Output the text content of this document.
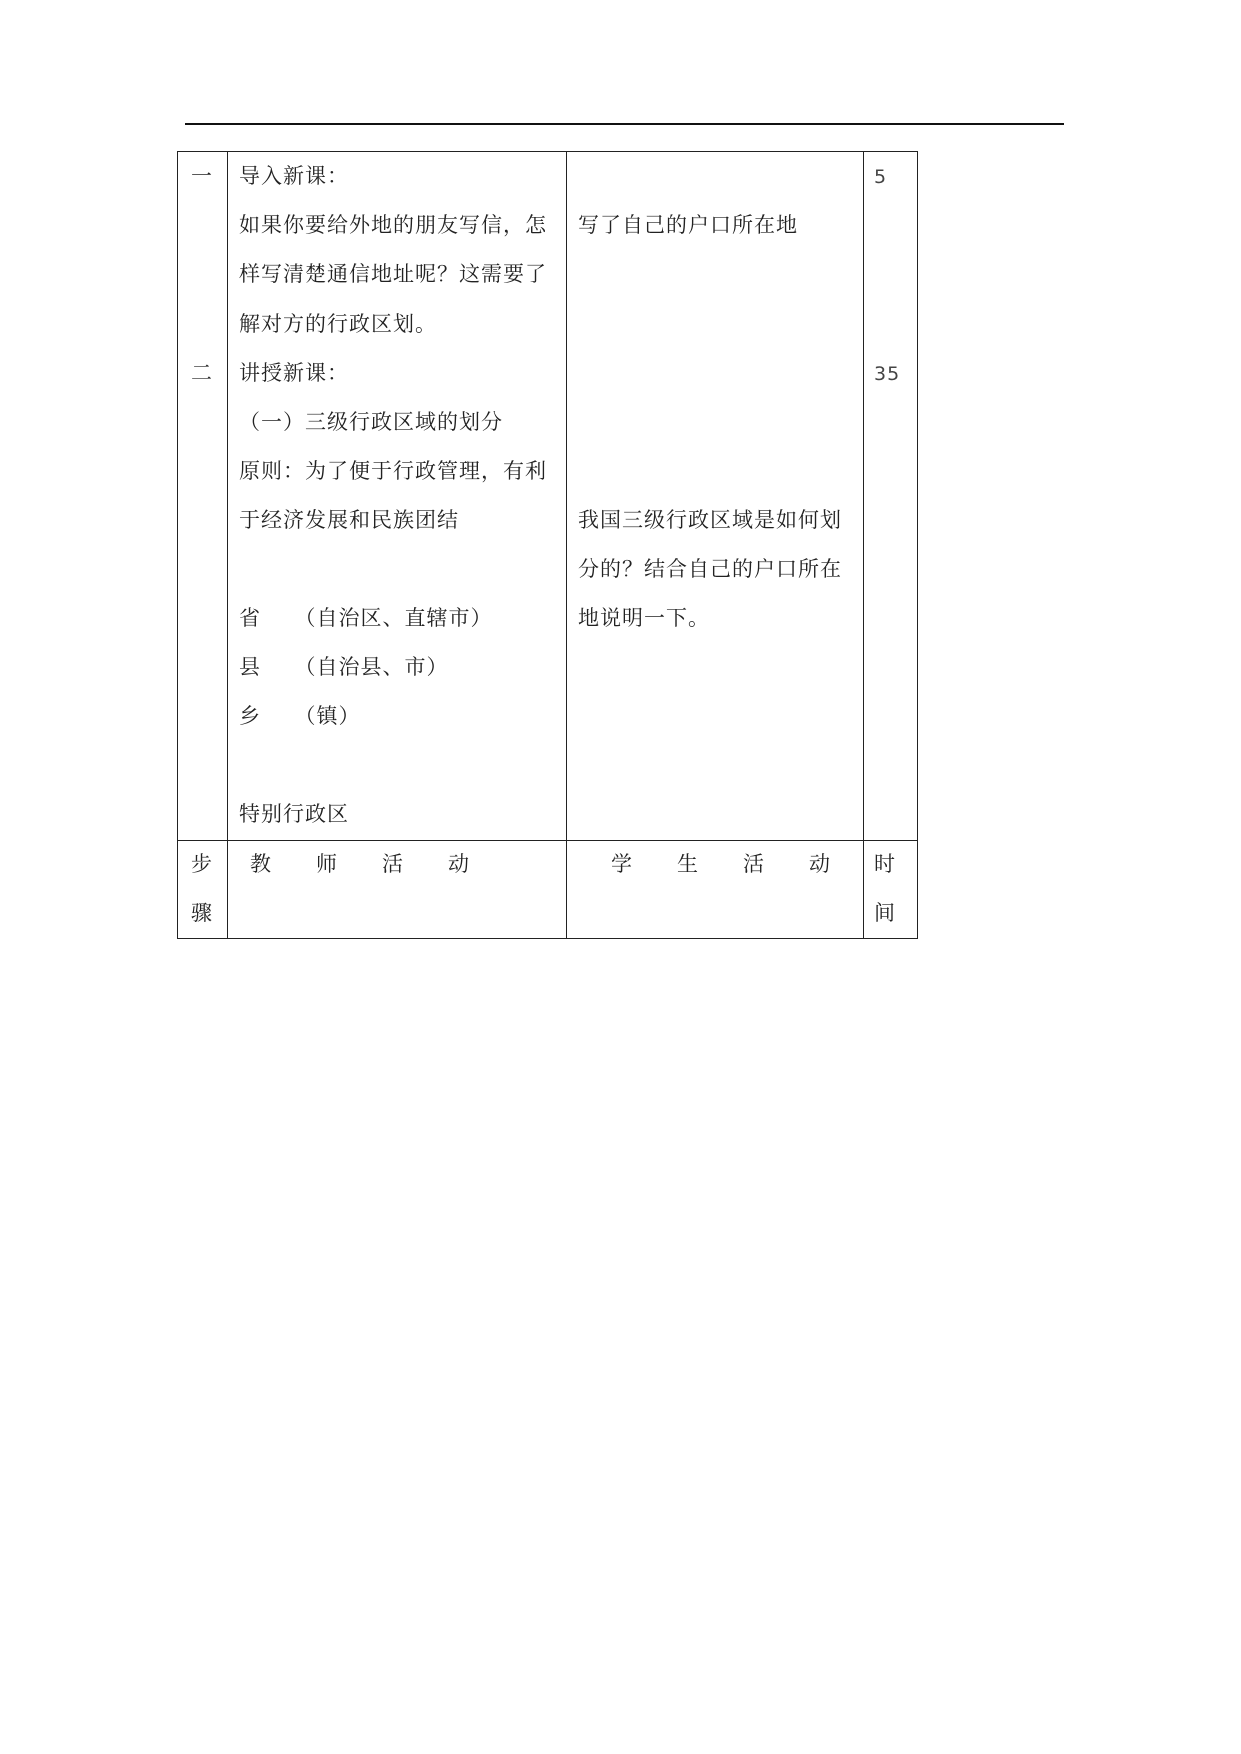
一
二
导入新课：
如果你要给外地的朋友写信，怎
样写清楚通信地址呢？这需要了
解对方的行政区划。
讲授新课：
（一）三级行政区域的划分
原则：为了便于行政管理，有利
于经济发展和民族团结
省　　（自治区、直辖市）
县　　（自治县、市）
乡　　（镇）
特别行政区
写了自己的户口所在地
我国三级行政区域是如何划
分的？结合自己的户口所在
地说明一下。
5
35
步
骤
教　　师　　活　　动	学　　生　　活　　动 时
间
